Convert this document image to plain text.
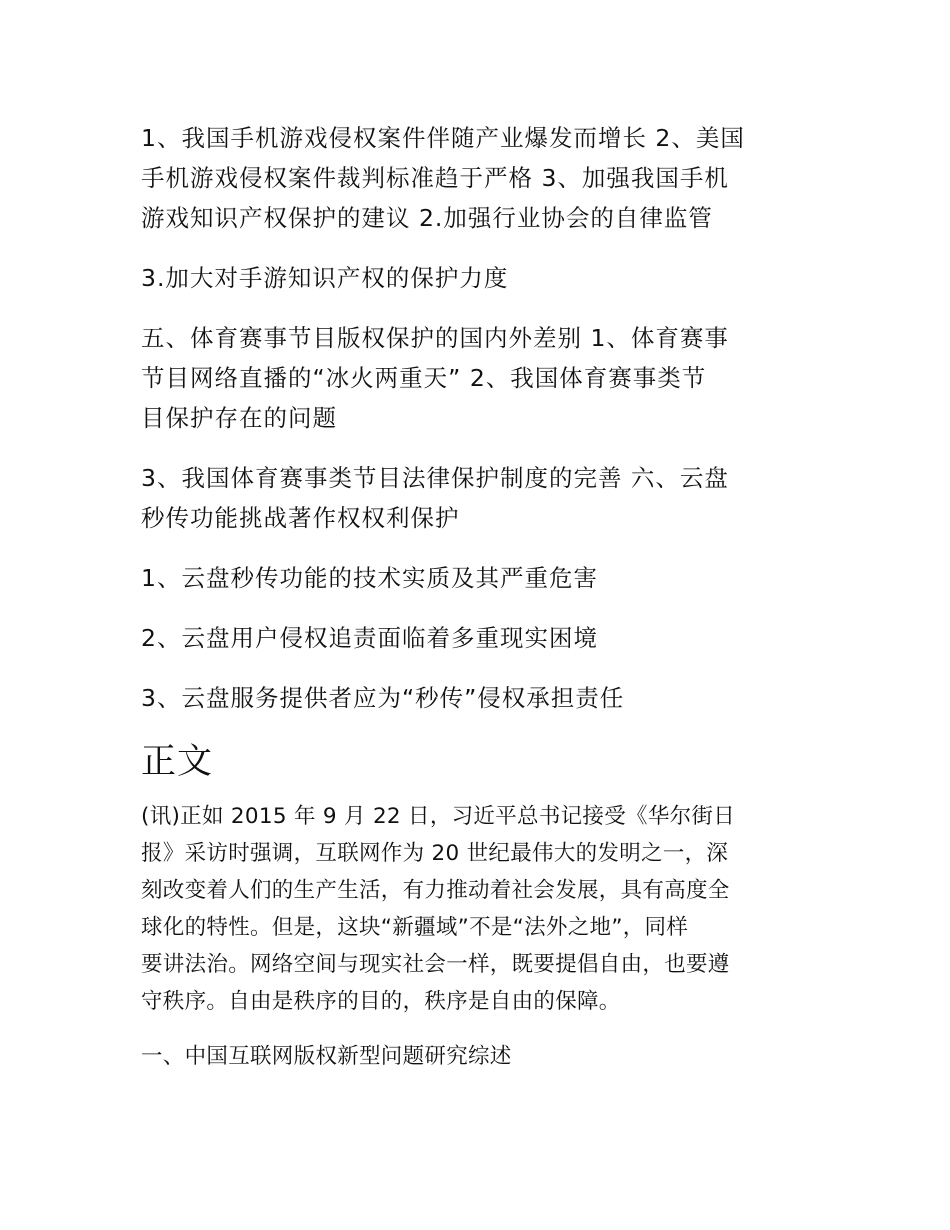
1、我国手机游戏侵权案件伴随产业爆发而增长 2、美国
手机游戏侵权案件裁判标准趋于严格 3、加强我国手机
游戏知识产权保护的建议 2.加强行业协会的自律监管
3.加大对手游知识产权的保护力度
五、体育赛事节目版权保护的国内外差别 1、体育赛事
节目网络直播的“冰火两重天” 2、我国体育赛事类节
目保护存在的问题
3、我国体育赛事类节目法律保护制度的完善 六、云盘
秒传功能挑战著作权权利保护
1、云盘秒传功能的技术实质及其严重危害
2、云盘用户侵权追责面临着多重现实困境
3、云盘服务提供者应为“秒传”侵权承担责任
正文
(讯)正如 2015 年 9 月 22 日，习近平总书记接受《华尔街日
报》采访时强调，互联网作为 20 世纪最伟大的发明之一，深
刻改变着人们的生产生活，有力推动着社会发展，具有高度全
球化的特性。但是，这块“新疆域”不是“法外之地”，同样
要讲法治。网络空间与现实社会一样，既要提倡自由，也要遵
守秩序。自由是秩序的目的，秩序是自由的保障。
一、中国互联网版权新型问题研究综述
